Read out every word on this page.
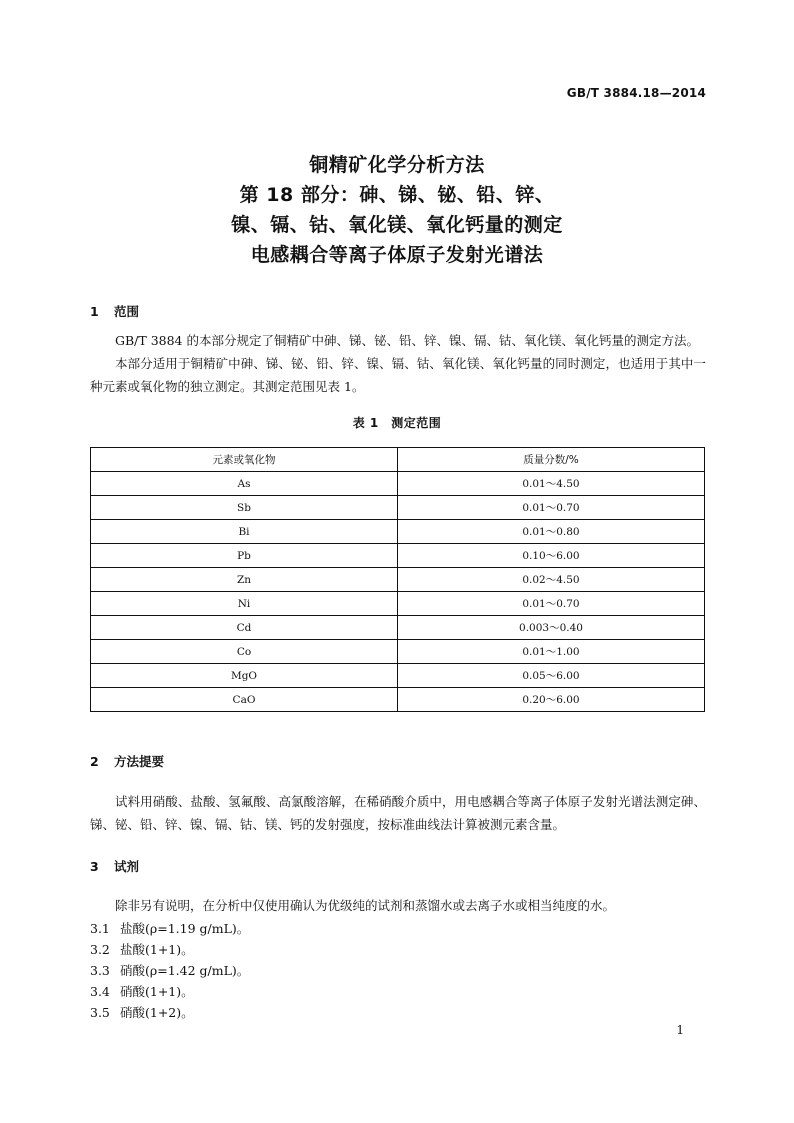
GB/T 3884.18—2014
铜精矿化学分析方法
第 18 部分：砷、锑、铋、铅、锌、
镍、镉、钴、氧化镁、氧化钙量的测定
电感耦合等离子体原子发射光谱法
1 范围

GB/T 3884 的本部分规定了铜精矿中砷、锑、铋、铅、锌、镍、镉、钴、氧化镁、氧化钙量的测定方法。

本部分适用于铜精矿中砷、锑、铋、铅、锌、镍、镉、钴、氧化镁、氧化钙量的同时测定，也适用于其中一种元素或氧化物的独立测定。其测定范围见表 1。

表 1　测定范围
元素或氧化物	质量分数/%
As	0.01～4.50
Sb	0.01～0.70
Bi	0.01～0.80
Pb	0.10～6.00
Zn	0.02～4.50
Ni	0.01～0.70
Cd	0.003～0.40
Co	0.01～1.00
MgO	0.05～6.00
CaO	0.20～6.00
2 方法提要

试料用硝酸、盐酸、氢氟酸、高氯酸溶解，在稀硝酸介质中，用电感耦合等离子体原子发射光谱法测定砷、锑、铋、铅、锌、镍、镉、钴、镁、钙的发射强度，按标准曲线法计算被测元素含量。

3 试剂

除非另有说明，在分析中仅使用确认为优级纯的试剂和蒸馏水或去离子水或相当纯度的水。

3.1 盐酸(ρ=1.19 g/mL)。
3.2 盐酸(1+1)。
3.3 硝酸(ρ=1.42 g/mL)。
3.4 硝酸(1+1)。
3.5 硝酸(1+2)。
1
